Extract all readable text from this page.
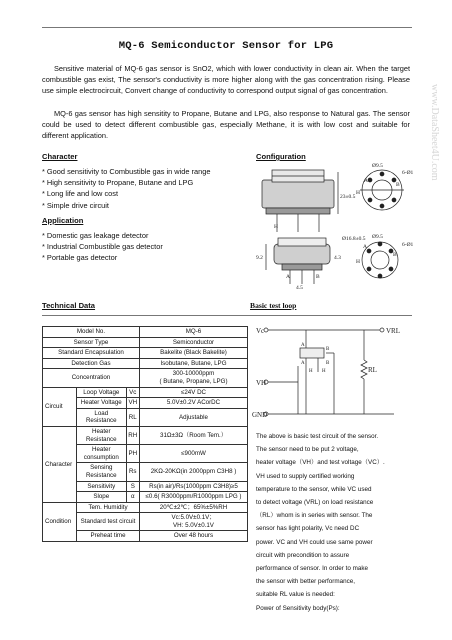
MQ-6 Semiconductor Sensor for LPG
Sensitive material of MQ-6 gas sensor is SnO2, which with lower conductivity in clean air. When the target combustible gas exist, The sensor's conductivity is more higher along with the gas concentration rising. Please use simple electrocircuit, Convert change of conductivity to correspond output signal of gas concentration.
MQ-6 gas sensor has high sensitity to Propane, Butane and LPG, also response to Natural gas. The sensor could be used to detect different combustible gas, especially Methane, it is with low cost and suitable for different application.	www.DataSheet4U.com
Character
* Good sensitivity to Combustible gas in wide range
* High sensitivity to Propane, Butane and LPG
* Long life and low cost
* Simple drive circuit
Application
* Domestic gas leakage detector
* Industrial Combustible gas detector
* Portable gas detector
Configuration
Ø9.5
6-Ø1
23±0.5
Ø16.8±0.5 Ø9.5
6-Ø1
4.5
A
B
H
A
B
H
A	B
H
9.2	4.3
Technical Data	Basic test loop
Model No.			MQ-6
Sensor Type			Semiconductor
Standard Encapsulation			Bakelite (Black Bakelite)
Detection Gas			Isobutane, Butane, LPG
Concentration			300-10000ppm
( Butane, Propane, LPG)
Circuit	Loop Voltage	Vc	≤24V DC
	Heater Voltage	VH	5.0V±0.2V ACorDC
	Load
Resistance	RL	Adjustable
Character	Heater
Resistance	RH	31Ω±3Ω（Room Tem.）
	Heater
consumption	PH	≤900mW
	Sensing
Resistance	Rs	2KΩ-20KΩ(in 2000ppm C3H8 )
	Sensitivity	S	Rs(in air)/Rs(1000ppm C3H8)≥5
	Slope	α	≤0.6( R3000ppm/R1000ppm LPG )
Condition	Tem. Humidity		20℃±2℃；65%±5%RH
	Standard test circuit		Vc:5.0V±0.1V；
VH: 5.0V±0.1V
	Preheat time		Over 48 hours
Vc	VRL
VH
GND
RL
A
B
H H
A	B
The above is basic test circuit of the sensor.
The sensor need to be put 2 voltage,
heater voltage（VH）and test voltage（VC）.
VH used to supply certified working
temperature to the sensor, while VC used
to detect voltage (VRL) on load resistance
（RL）whom is in series with sensor. The
sensor has light polarity, Vc need DC
power. VC and VH could use same power
circuit with precondition to assure
performance of sensor. In order to make
the sensor with better performance,
suitable RL value is needed:
Power of Sensitivity body(Ps):
